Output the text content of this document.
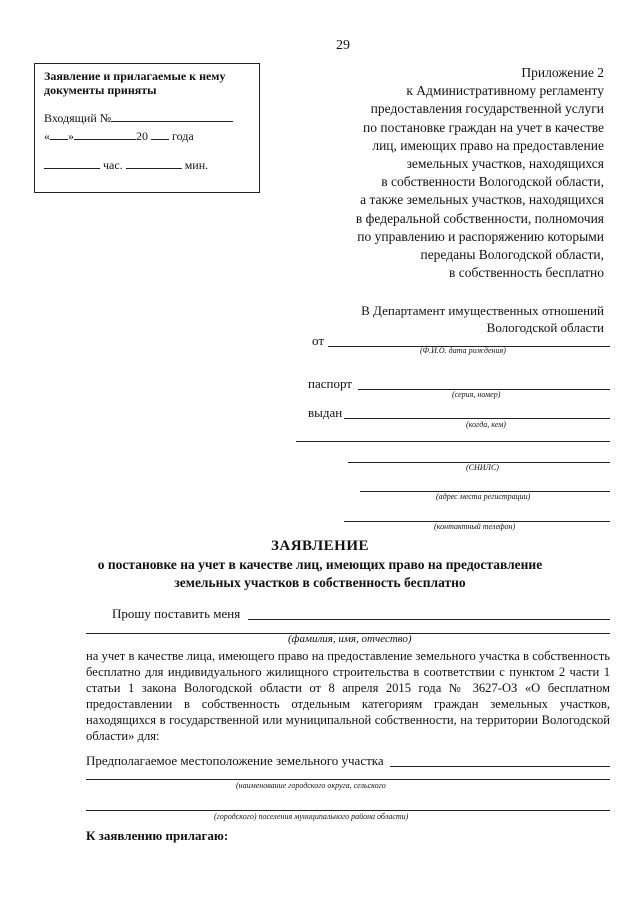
29
Заявление и прилагаемые к нему документы приняты
Входящий №
« »	20 года
час.	мин.
Приложение 2
к Административному регламенту
предоставления государственной услуги
по постановке граждан на учет в качестве
лиц, имеющих право на предоставление
земельных участков, находящихся
в собственности Вологодской области,
а также земельных участков, находящихся
в федеральной собственности, полномочия
по управлению и распоряжению которыми
переданы Вологодской области,
в собственность бесплатно
В Департамент имущественных отношений
Вологодской области
от
(Ф.И.О. дата рождения)
паспорт
(серия, номер)
выдан
(когда, кем)
(СНИЛС)
(адрес места регистрации)
(контактный телефон)
ЗАЯВЛЕНИЕ
о постановке на учет в качестве лиц, имеющих право на предоставление
земельных участков в собственность бесплатно
Прошу поставить меня
(фамилия, имя, отчество)
на учет в качестве лица, имеющего право на предоставление земельного участка в собственность бесплатно для индивидуального жилищного строительства в соответствии с пунктом 2 части 1 статьи 1 закона Вологодской области от 8 апреля 2015 года № 3627-ОЗ «О бесплатном предоставлении в собственность отдельным категориям граждан земельных участков, находящихся в государственной или муниципальной собственности, на территории Вологодской области» для:
Предполагаемое местоположение земельного участка
(наименование городского округа, сельского
(городского) поселения муниципального района области)
К заявлению прилагаю:
